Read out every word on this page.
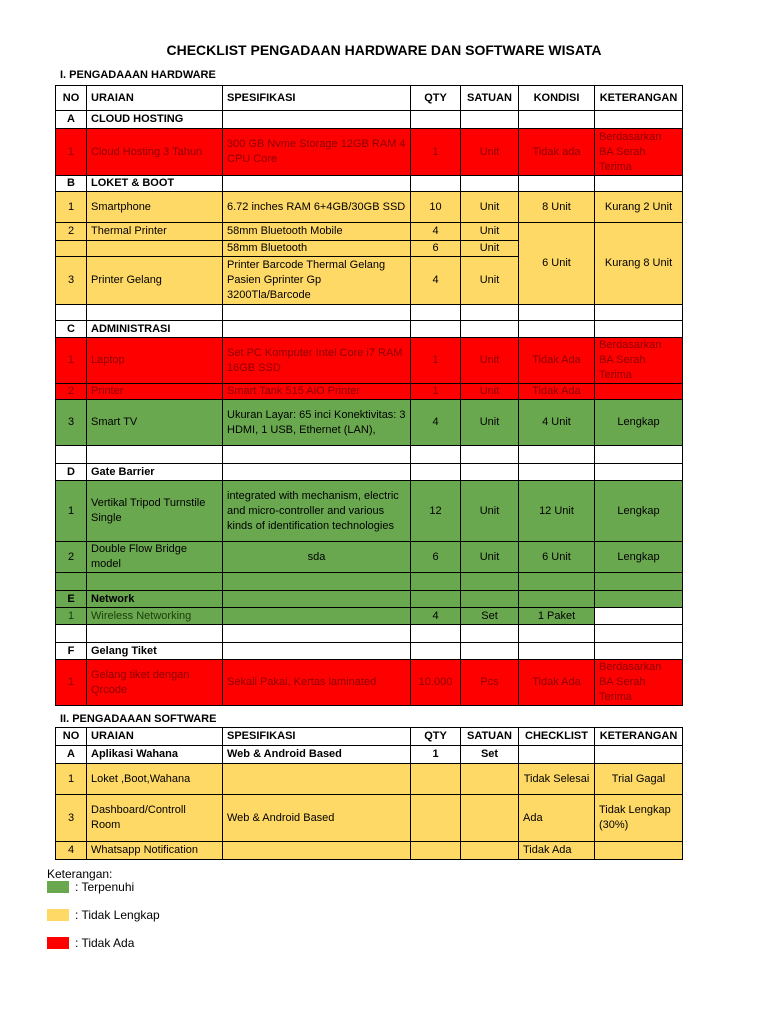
CHECKLIST PENGADAAN HARDWARE DAN SOFTWARE WISATA
I. PENGADAAAN HARDWARE
NO	URAIAN	SPESIFIKASI	QTY	SATUAN	KONDISI	KETERANGAN
A	CLOUD HOSTING					
1	Cloud Hosting 3 Tahun	300 GB Nvme Storage 12GB RAM 4 CPU Core	1	Unit	Tidak ada	Berdasarkan BA Serah Terima
B	LOKET & BOOT					
1	Smartphone	6.72 inches RAM 6+4GB/30GB SSD	10	Unit	8 Unit	Kurang 2 Unit
2	Thermal Printer	58mm Bluetooth Mobile	4	Unit	6 Unit	Kurang 8 Unit
		58mm Bluetooth	6	Unit		
3	Printer Gelang	Printer Barcode Thermal Gelang Pasien Gprinter Gp 3200Tla/Barcode	4	Unit		

C	ADMINISTRASI					
1	Laptop	Set PC Komputer Intel Core i7 RAM 16GB SSD	1	Unit	Tidak Ada	Berdasarkan BA Serah Terima
2	Printer	Smart Tank 515 AiO Printer	1	Unit	Tidak Ada	
3	Smart TV	Ukuran Layar: 65 inci Konektivitas: 3 HDMI, 1 USB, Ethernet (LAN),	4	Unit	4 Unit	Lengkap

D	Gate Barrier					
1	Vertikal Tripod Turnstile Single	integrated with mechanism, electric and micro-controller and various kinds of identification technologies	12	Unit	12 Unit	Lengkap
2	Double Flow Bridge model	sda	6	Unit	6 Unit	Lengkap

E	Network					
1	Wireless Networking		4	Set	1 Paket	

F	Gelang Tiket					
1	Gelang tiket dengan Qrcode	Sekali Pakai, Kertas laminated	10.000	Pcs	Tidak Ada	Berdasarkan BA Serah Terima
II. PENGADAAAN SOFTWARE
NO	URAIAN	SPESIFIKASI	QTY	SATUAN	CHECKLIST	KETERANGAN
A	Aplikasi Wahana	Web & Android Based	1	Set		
1	Loket ,Boot,Wahana				Tidak Selesai	Trial Gagal
3	Dashboard/Controll Room	Web & Android Based			Ada	Tidak Lengkap (30%)
4	Whatsapp Notification				Tidak Ada	
Keterangan:
: Terpenuhi
: Tidak Lengkap
: Tidak Ada
